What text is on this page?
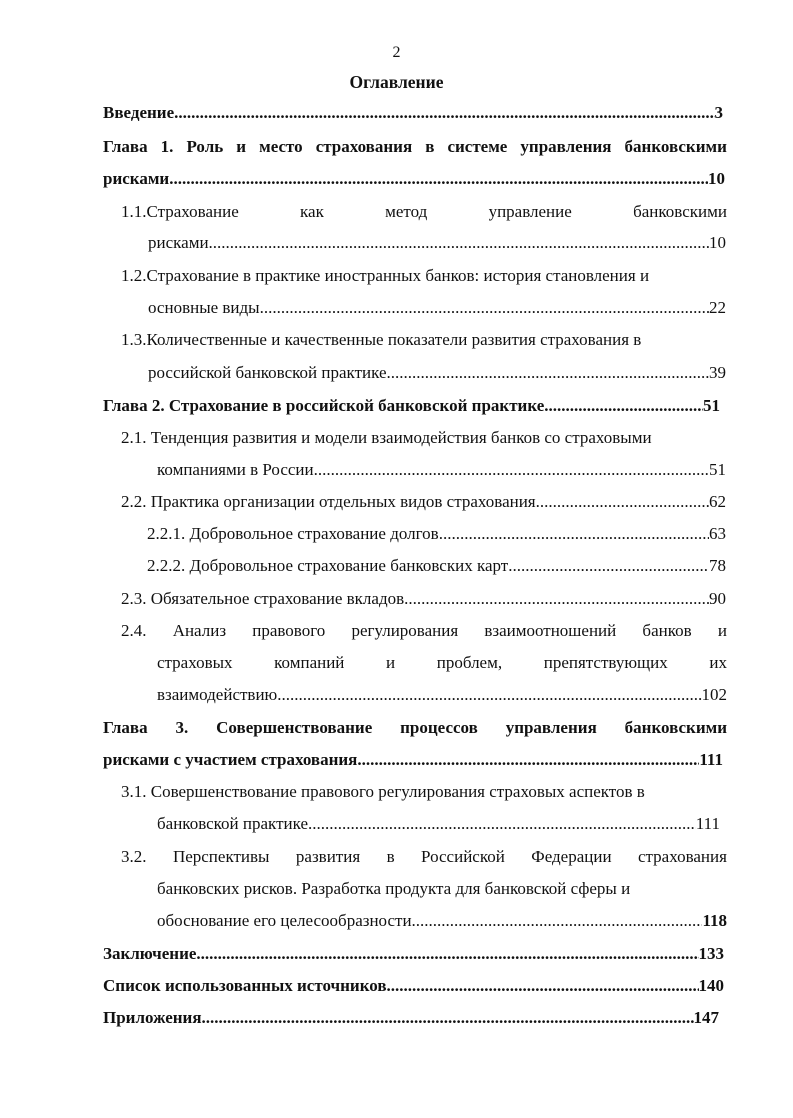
2
Оглавление
Введение .....	3
Глава 1. Роль и место страхования в системе управления банковскими
рисками .....	10
1.1.Страхование	как	метод	управление	банковскими
рисками .....	10
1.2.Страхование в практике иностранных банков: история становления и
основные виды .....	22
1.3.Количественные и качественные показатели развития страхования в
российской банковской практике .....	39
Глава 2. Страхование в российской банковской практике .....	51
2.1. Тенденция развития и модели взаимодействия банков со страховыми
компаниями в России .....	51
2.2. Практика организации отдельных видов страхования .....	62
2.2.1. Добровольное страхование долгов .....	63
2.2.2. Добровольное страхование банковских карт .....	78
2.3. Обязательное страхование вкладов .....	90
2.4. Анализ правового регулирования взаимоотношений банков и
страховых компаний и проблем, препятствующих их
взаимодействию .....	102
Глава 3. Совершенствование процессов управления банковскими
рисками с участием страхования .....	111
3.1. Совершенствование правового регулирования страховых аспектов в
банковской практике .....	111
3.2. Перспективы развития в Российской Федерации страхования
банковских рисков. Разработка продукта для банковской сферы и
обоснование его целесообразности .....	118
Заключение .....	133
Список использованных источников .....	140
Приложения .....	147
